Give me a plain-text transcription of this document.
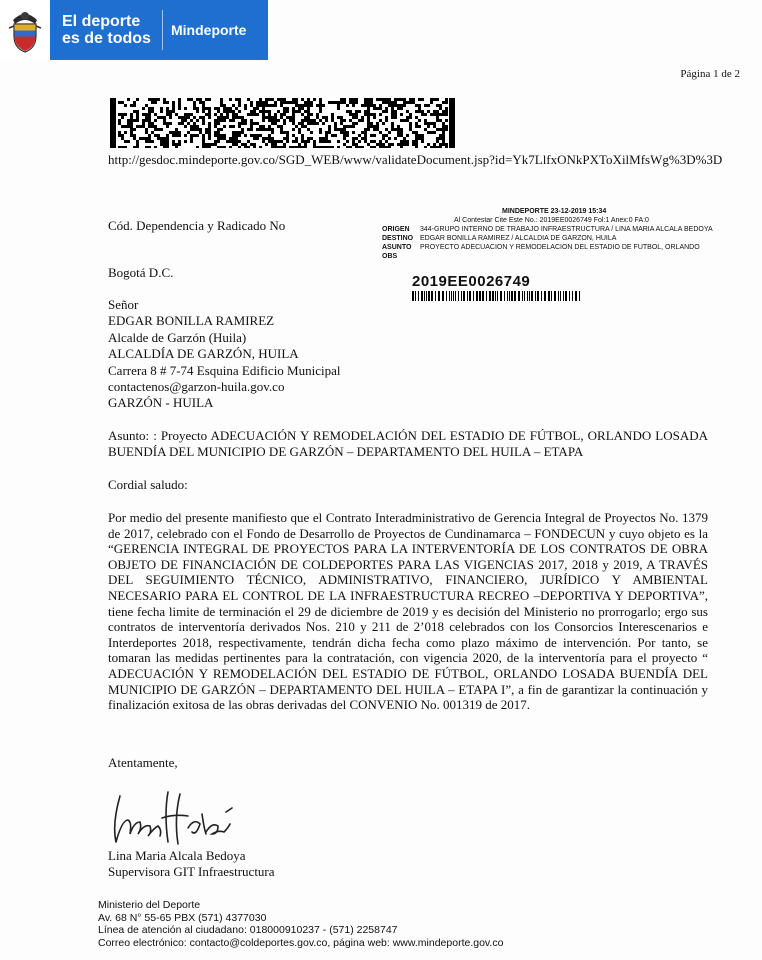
El deporte es de todos Mindeporte
Página 1 de 2
http://gesdoc.mindeporte.gov.co/SGD_WEB/www/validateDocument.jsp?id=Yk7LlfxONkPXToXilMfsWg%3D%3D
Cód. Dependencia y Radicado No
MINDEPORTE 23-12-2019 15:34
Al Contestar Cite Este No.: 2019EE0026749 Fol:1 Anex:0 FA:0
ORIGEN	344-GRUPO INTERNO DE TRABAJO INFRAESTRUCTURA / LINA MARIA ALCALA BEDOYA
DESTINO EDGAR BONILLA RAMIREZ / ALCALDIA DE GARZON, HUILA
ASUNTO	PROYECTO ADECUACION Y REMODELACION DEL ESTADIO DE FUTBOL, ORLANDO
OBS
2019EE0026749
Bogotá D.C.
Señor
EDGAR BONILLA RAMIREZ
Alcalde de Garzón (Huila)
ALCALDÍA DE GARZÓN, HUILA
Carrera 8 # 7-74 Esquina Edificio Municipal
contactenos@garzon-huila.gov.co
GARZÓN - HUILA
Asunto: : Proyecto ADECUACIÓN Y REMODELACIÓN DEL ESTADIO DE FÚTBOL, ORLANDO LOSADA BUENDÍA DEL MUNICIPIO DE GARZÓN – DEPARTAMENTO DEL HUILA – ETAPA
Cordial saludo:
Por medio del presente manifiesto que el Contrato Interadministrativo de Gerencia Integral de Proyectos No. 1379 de 2017, celebrado con el Fondo de Desarrollo de Proyectos de Cundinamarca – FONDECUN y cuyo objeto es la “GERENCIA INTEGRAL DE PROYECTOS PARA LA INTERVENTORÍA DE LOS CONTRATOS DE OBRA OBJETO DE FINANCIACIÓN DE COLDEPORTES PARA LAS VIGENCIAS 2017, 2018 y 2019, A TRAVÉS DEL SEGUIMIENTO TÉCNICO, ADMINISTRATIVO, FINANCIERO, JURÍDICO Y AMBIENTAL NECESARIO PARA EL CONTROL DE LA INFRAESTRUCTURA RECREO –DEPORTIVA Y DEPORTIVA”, tiene fecha limite de terminación el 29 de diciembre de 2019 y es decisión del Ministerio no prorrogarlo; ergo sus contratos de interventoría derivados Nos. 210 y 211 de 2’018 celebrados con los Consorcios Interescenarios e Interdeportes 2018, respectivamente, tendrán dicha fecha como plazo máximo de intervención. Por tanto, se tomaran las medidas pertinentes para la contratación, con vigencia 2020, de la interventoría para el proyecto “ ADECUACIÓN Y REMODELACIÓN DEL ESTADIO DE FÚTBOL, ORLANDO LOSADA BUENDÍA DEL MUNICIPIO DE GARZÓN – DEPARTAMENTO DEL HUILA – ETAPA I”, a fin de garantizar la continuación y finalización exitosa de las obras derivadas del CONVENIO No. 001319 de 2017.
Atentamente,
Lina Maria Alcala Bedoya
Supervisora GIT Infraestructura
Ministerio del Deporte
Av. 68 N° 55-65 PBX (571) 4377030
Línea de atención al ciudadano: 018000910237 - (571) 2258747
Correo electrónico: contacto@coldeportes.gov.co, página web: www.mindeporte.gov.co
